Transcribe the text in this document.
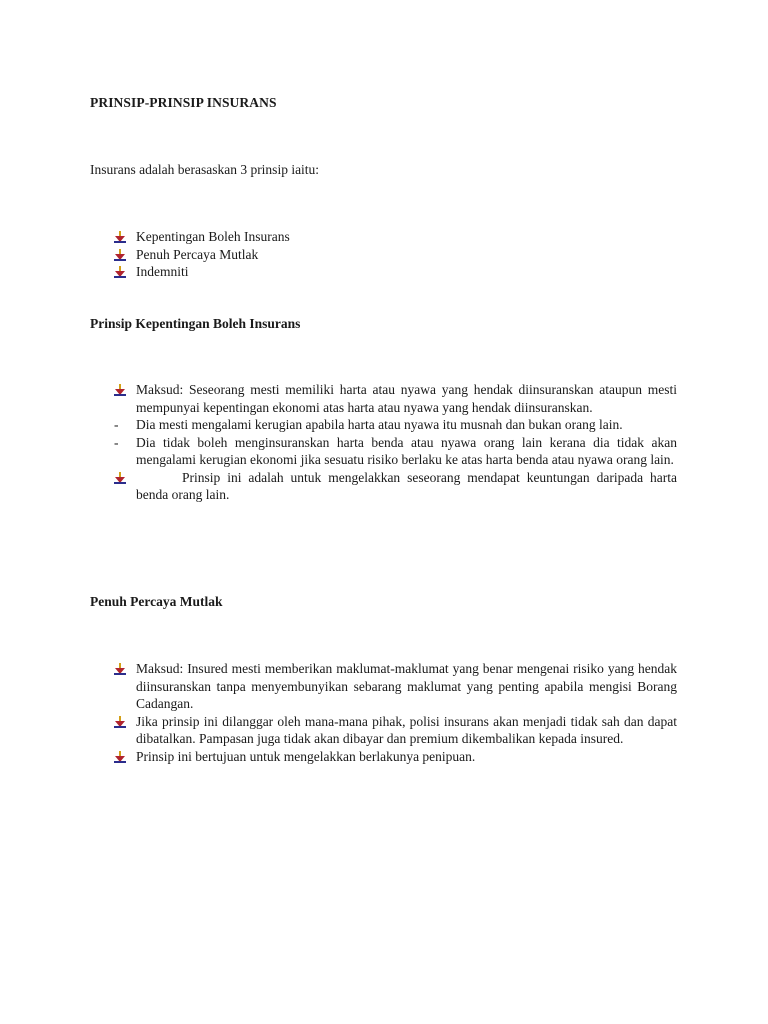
PRINSIP-PRINSIP INSURANS
Insurans adalah berasaskan 3 prinsip iaitu:
Kepentingan Boleh Insurans
Penuh Percaya Mutlak
Indemniti
Prinsip Kepentingan Boleh Insurans
Maksud: Seseorang mesti memiliki harta atau nyawa yang hendak diinsuranskan ataupun mesti mempunyai kepentingan ekonomi atas harta atau nyawa yang hendak diinsuranskan.
-	Dia mesti mengalami kerugian apabila harta atau nyawa itu musnah dan bukan orang lain.
-	Dia tidak boleh menginsuranskan harta benda atau nyawa orang lain kerana dia tidak akan mengalami kerugian ekonomi jika sesuatu risiko berlaku ke atas harta benda atau nyawa orang lain.
Prinsip ini adalah untuk mengelakkan seseorang mendapat keuntungan daripada harta benda orang lain.
Penuh Percaya Mutlak
Maksud: Insured mesti memberikan maklumat-maklumat yang benar mengenai risiko yang hendak diinsuranskan tanpa menyembunyikan sebarang maklumat yang penting apabila mengisi Borang Cadangan.
Jika prinsip ini dilanggar oleh mana-mana pihak, polisi insurans akan menjadi tidak sah dan dapat dibatalkan. Pampasan juga tidak akan dibayar dan premium dikembalikan kepada insured.
Prinsip ini bertujuan untuk mengelakkan berlakunya penipuan.
